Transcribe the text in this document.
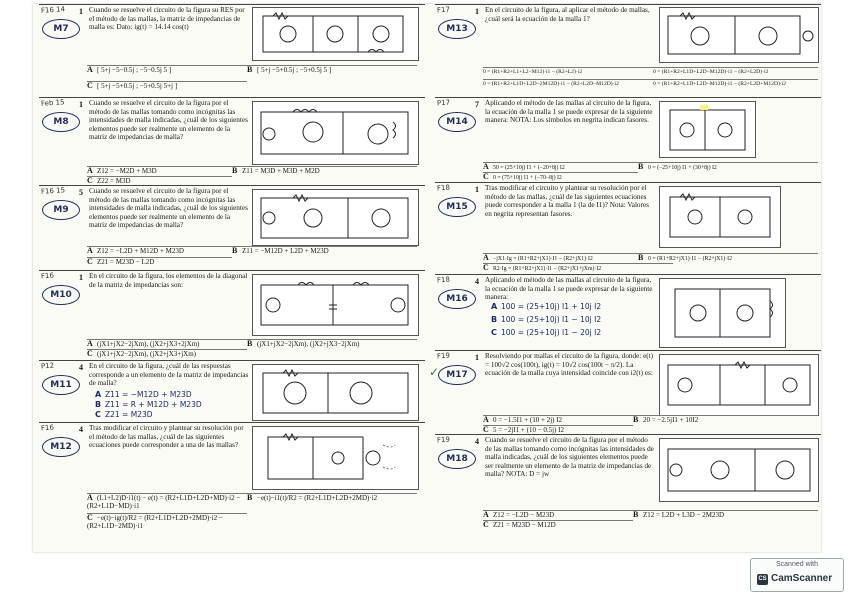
F16 14
M7
1 Cuando se resuelve el circuito de la figura su RES por el método de las mallas, la matriz de impedancias de malla es: Dato: ig(t) = 14.14 cos(t)
A [ 5+j −5−0.5j ; −5−0.5j 5 ]	B [ 5+j −5+0.5j ; −5+0.5j 5 ]
C [ 5+j −5+0.5j ; −5+0.5j 5+j ]
Feb 15
M8
1 Cuando se resuelve el circuito de la figura por el método de las mallas tomando como incógnitas las intensidades de malla indicadas, ¿cuál de los siguientes elementos puede ser realmente un elemento de la matriz de impedancias de malla?
A Z12 = −M2D + M3D	B Z11 = M3D + M3D + M2D
C Z22 = M3D
F16 15
M9
5 Cuando se resuelve el circuito de la figura por el método de las mallas tomando como incógnitas las intensidades de malla indicadas, ¿cuál de los siguientes elementos puede ser realmente un elemento de la matriz de impedancias de malla?
A Z12 = −L2D + M12D + M23D	B Z11 = −M12D + L2D + M23D
C Z21 = M23D − L2D
F16
M10
1 En el circuito de la figura, los elementos de la diagonal de la matriz de impedancias son:
A (jX1+jX2−2jXm), (jX2+jX3+2jXm)	B (jX1+jX2−2jXm), (jX2+jX3−2jXm)
C (jX1+jX2−2jXm), (jX2+jX3+jXm)
P12
M11
4 En el circuito de la figura, ¿cuál de las respuestas corresponde a un elemento de la matriz de impedancias de malla?
A Z11 = −M12D + M23D
B Z11 = R + M12D + M23D
C Z21 = M23D
F16
M12
4 Tras modificar el circuito y plantear su resolución por el método de las mallas, ¿cuál de las siguientes ecuaciones puede corresponder a una de las mallas?
A (L1+L2)D·i1(t) − e(t) = (R2+L1D+L2D+MD)·i2 − (R2+L1D−MD)·i1
B −e(t)−i1(t)/R2 = (R2+L1D+L2D+2MD)·i2
C −e(t)−ig(t)/R2 = (R2+L1D+L2D+2MD)·i2 − (R2+L1D−2MD)·i1
F17
M13
1 En el circuito de la figura, al aplicar el método de mallas, ¿cuál será la ecuación de la malla 1?
0 = (R1+R2+L1+L2−M12)·i1 − (R2+L2)·i2	0 = (R1+R2+L1D+L2D−M12D)·i1 − (R2+L2D)·i2
0 = (R1+R2+L1D+L2D−2M12D)·i1 − (R2+L2D−M12D)·i2	0 = (R1+R2+L1D+L2D−M12D)·i1 − (R2+L2D+M12D)·i2
P17
M14
7 Aplicando el método de las mallas al circuito de la figura, la ecuación de la malla 1 se puede expresar de la siguiente manera: NOTA: Los símbolos en negrita indican fasores.
A 50 = (25+10j) I1 + (−20+8j) I2	B 0 = (−25+10j) I1 + (30+8j) I2
C 0 = (75+10j) I1 + (−70−8j) I2
F18
M15
1 Tras modificar el circuito y plantear su resolución por el método de las mallas, ¿cuál de las siguientes ecuaciones puede corresponder a la malla 1 (la de I1)? Nota: Valores en negrita representan fasores.
A −jX1·Ig = (R1+R2+jX1)·I1 − (R2+jX1)·I2	B 0 = (R1+R2+jX1)·I1 − (R2+jX1)·I2
C R2·Ig = (R1+R2+jX1)·I1 − (R2+jX1+jXm)·I2
F18
M16
4 Aplicando el método de las mallas al circuito de la figura, la ecuación de la malla 1 se puede expresar de la siguiente manera:
A 100 = (25+10j) I1 + 10j I2
B 100 = (25+10j) I1 − 10j I2
C 100 = (25+10j) I1 − 20j I2
F19
M17
✓
1 Resolviendo por mallas el circuito de la figura, donde: e(t) = 100√2 cos(100t), ig(t) = 10√2 cos(100t − π/2). La ecuación de la malla cuya intensidad coincide con i2(t) es:
A 0 = −1.5I1 + (10 + 2j) I2	B 20 = −2.5jI1 + 10I2
C 5 = −2jI1 + (10 − 0.5j) I2
F19
M18
4 Cuando se resuelve el circuito de la figura por el método de las mallas tomando como incógnitas las intensidades de malla indicadas, ¿cuál de los siguientes elementos puede ser realmente un elemento de la matriz de impedancias de malla? NOTA: D = jw
A Z12 = −L2D − M23D	B Z12 = L2D + L3D − 2M23D
C Z21 = M23D − M12D
Scanned with
CS CamScanner
